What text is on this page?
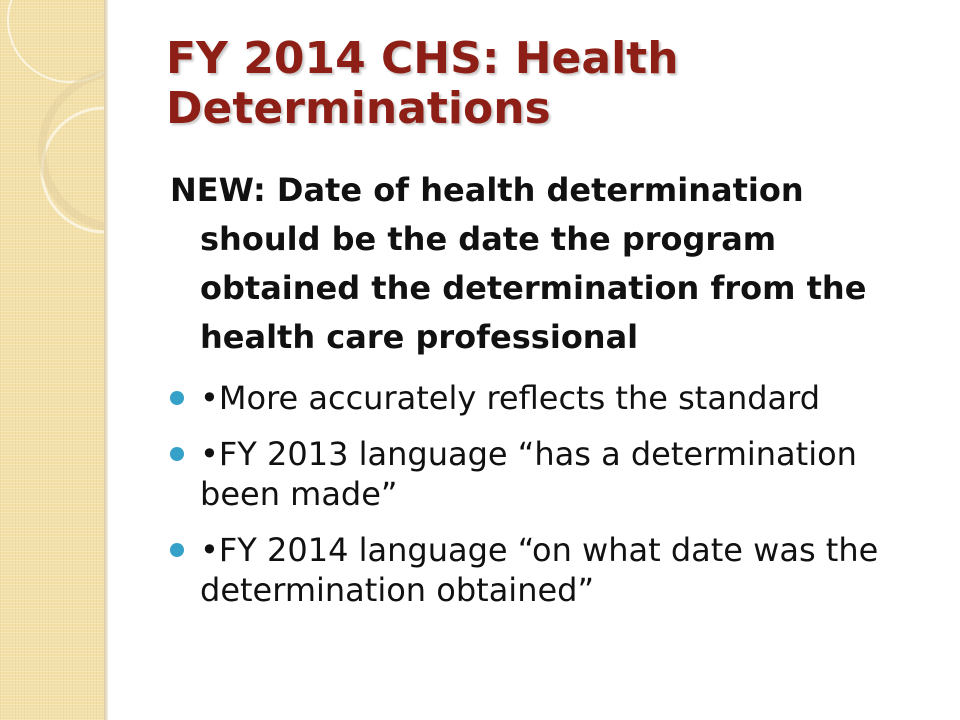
FY 2014 CHS: Health
Determinations

NEW: Date of health determination should be the date the program obtained the determination from the health care professional

•More accurately reflects the standard
•FY 2013 language “has a determination been made”
•FY 2014 language “on what date was the determination obtained”
